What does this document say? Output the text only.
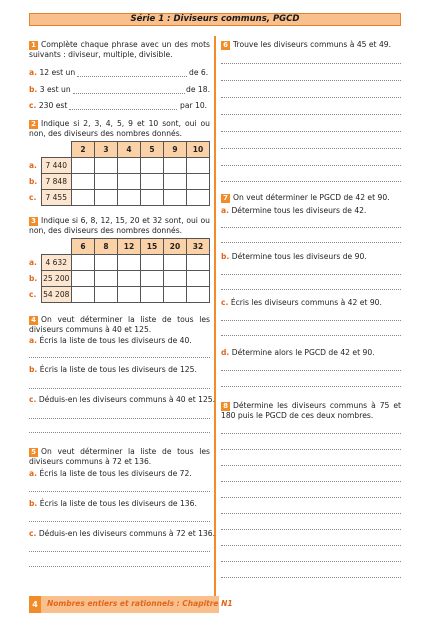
Série 1 : Diviseurs communs, PGCD
1 Complète chaque phrase avec un des mots suivants : diviseur, multiple, divisible.
a. 12 est un	de 6.
b. 3 est un	de 18.
c. 230 est	par 10.
2 Indique si 2, 3, 4, 5, 9 et 10 sont, oui ou non, des diviseurs des nombres donnés.
		2	3	4	5	9	10
a.	7 440						
b.	7 848						
c.	7 455						
3 Indique si 6, 8, 12, 15, 20 et 32 sont, oui ou non, des diviseurs des nombres donnés.
		6	8	12	15	20	32
a.	4 632						
b.	25 200						
c.	54 208						
4 On veut déterminer la liste de tous les diviseurs communs à 40 et 125.
a. Écris la liste de tous les diviseurs de 40.
b. Écris la liste de tous les diviseurs de 125.
c. Déduis-en les diviseurs communs à 40 et 125.
5 On veut déterminer la liste de tous les diviseurs communs à 72 et 136.
a. Écris la liste de tous les diviseurs de 72.
b. Écris la liste de tous les diviseurs de 136.
c. Déduis-en les diviseurs communs à 72 et 136.
6 Trouve les diviseurs communs à 45 et 49.
7 On veut déterminer le PGCD de 42 et 90.
a. Détermine tous les diviseurs de 42.
b. Détermine tous les diviseurs de 90.
c. Écris les diviseurs communs à 42 et 90.
d. Détermine alors le PGCD de 42 et 90.
8 Détermine les diviseurs communs à 75 et 180 puis le PGCD de ces deux nombres.
4	Nombres entiers et rationnels : Chapitre N1
